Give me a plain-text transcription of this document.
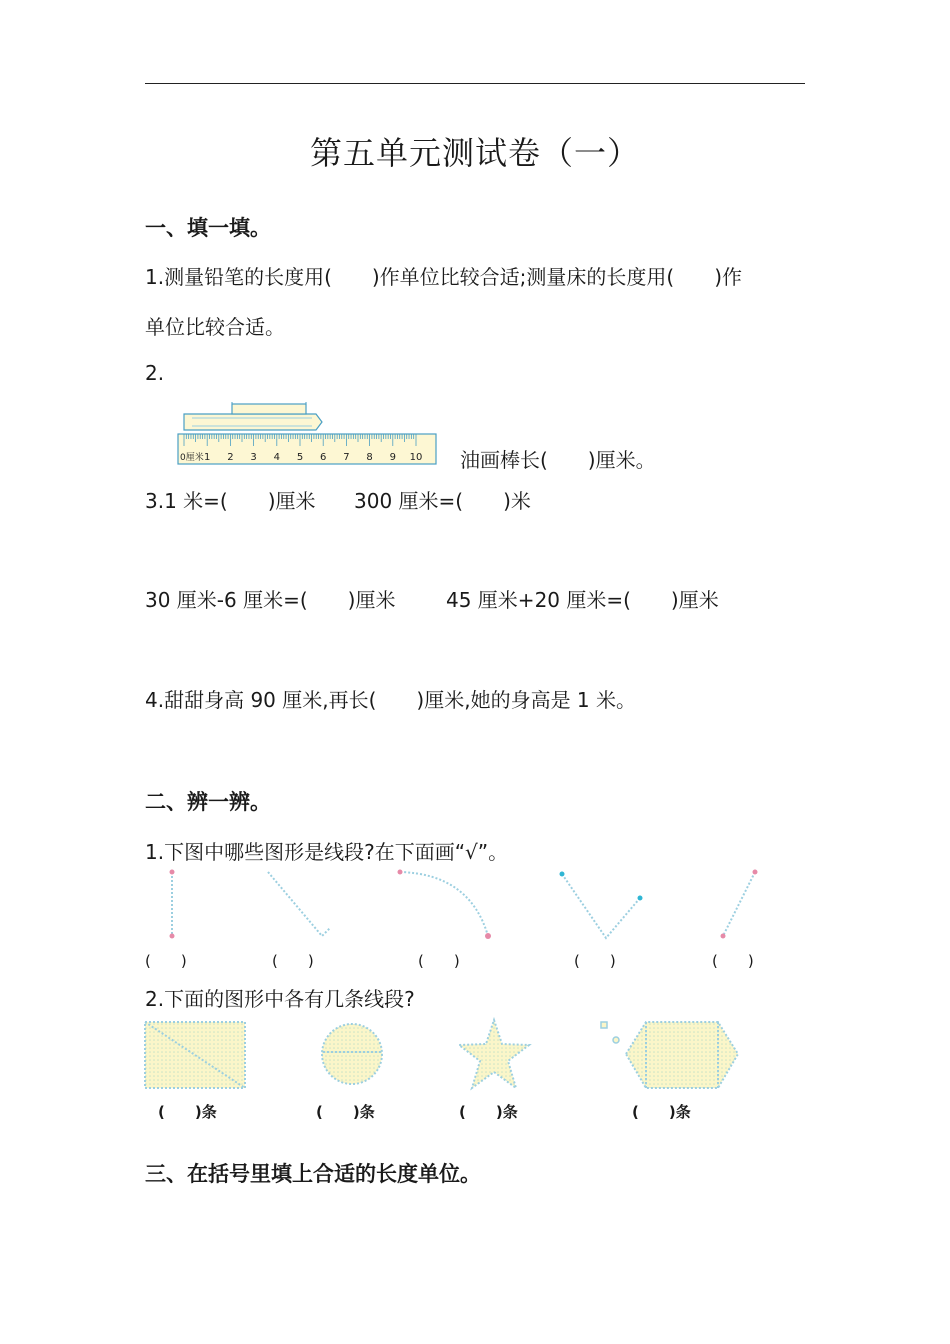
第五单元测试卷（一）
一、填一填。
1.测量铅笔的长度用(　　)作单位比较合适;测量床的长度用(　　)作
单位比较合适。
2.
0厘米 1 2 3 4 5 6 7 8 9 10 油画棒长(　　)厘米。
3.1 米=(　　)厘米 300 厘米=(　　)米
30 厘米-6 厘米=(　　)厘米	45 厘米+20 厘米=(　　)厘米
4.甜甜身高 90 厘米,再长(　　)厘米,她的身高是 1 米。
二、辨一辨。
1.下图中哪些图形是线段?在下面画“√”。
(　　)	(　　)	(　　)	(　　)	(　　)
2.下面的图形中各有几条线段?
(　　)条	(　　)条	(　　)条	(　　)条
三、在括号里填上合适的长度单位。
